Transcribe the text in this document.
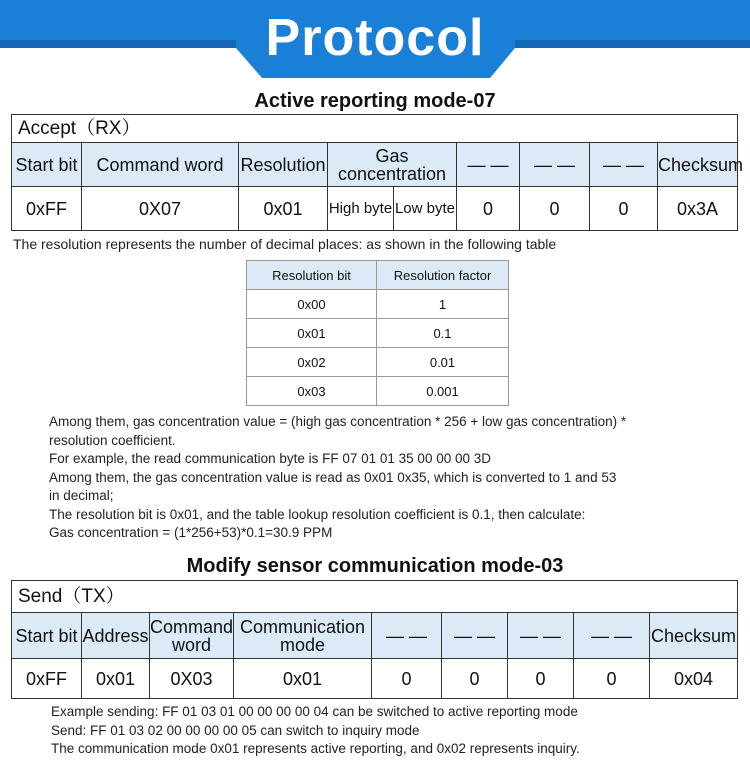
Protocol
Active reporting mode-07
Accept（RX）								
Start bit	Command word	Resolution	Gas concentration		— —	— —	— —	Checksum
0xFF	0X07	0x01	High byte	Low byte	0	0	0	0x3A
The resolution represents the number of decimal places: as shown in the following table
Resolution bit	Resolution factor
0x00	1
0x01	0.1
0x02	0.01
0x03	0.001
Among them, gas concentration value = (high gas concentration * 256 + low gas concentration) *
resolution coefficient.
For example, the read communication byte is FF 07 01 01 35 00 00 00 3D
Among them, the gas concentration value is read as 0x01 0x35, which is converted to 1 and 53
in decimal;
The resolution bit is 0x01, and the table lookup resolution coefficient is 0.1, then calculate:
Gas concentration = (1*256+53)*0.1=30.9 PPM
Modify sensor communication mode-03
Send（TX）								
Start bit	Address	Command word	Communication mode	— —	— —	— —	— —	Checksum
0xFF	0x01	0X03	0x01	0	0	0	0	0x04
Example sending: FF 01 03 01 00 00 00 00 04 can be switched to active reporting mode
Send: FF 01 03 02 00 00 00 00 05 can switch to inquiry mode
The communication mode 0x01 represents active reporting, and 0x02 represents inquiry.
